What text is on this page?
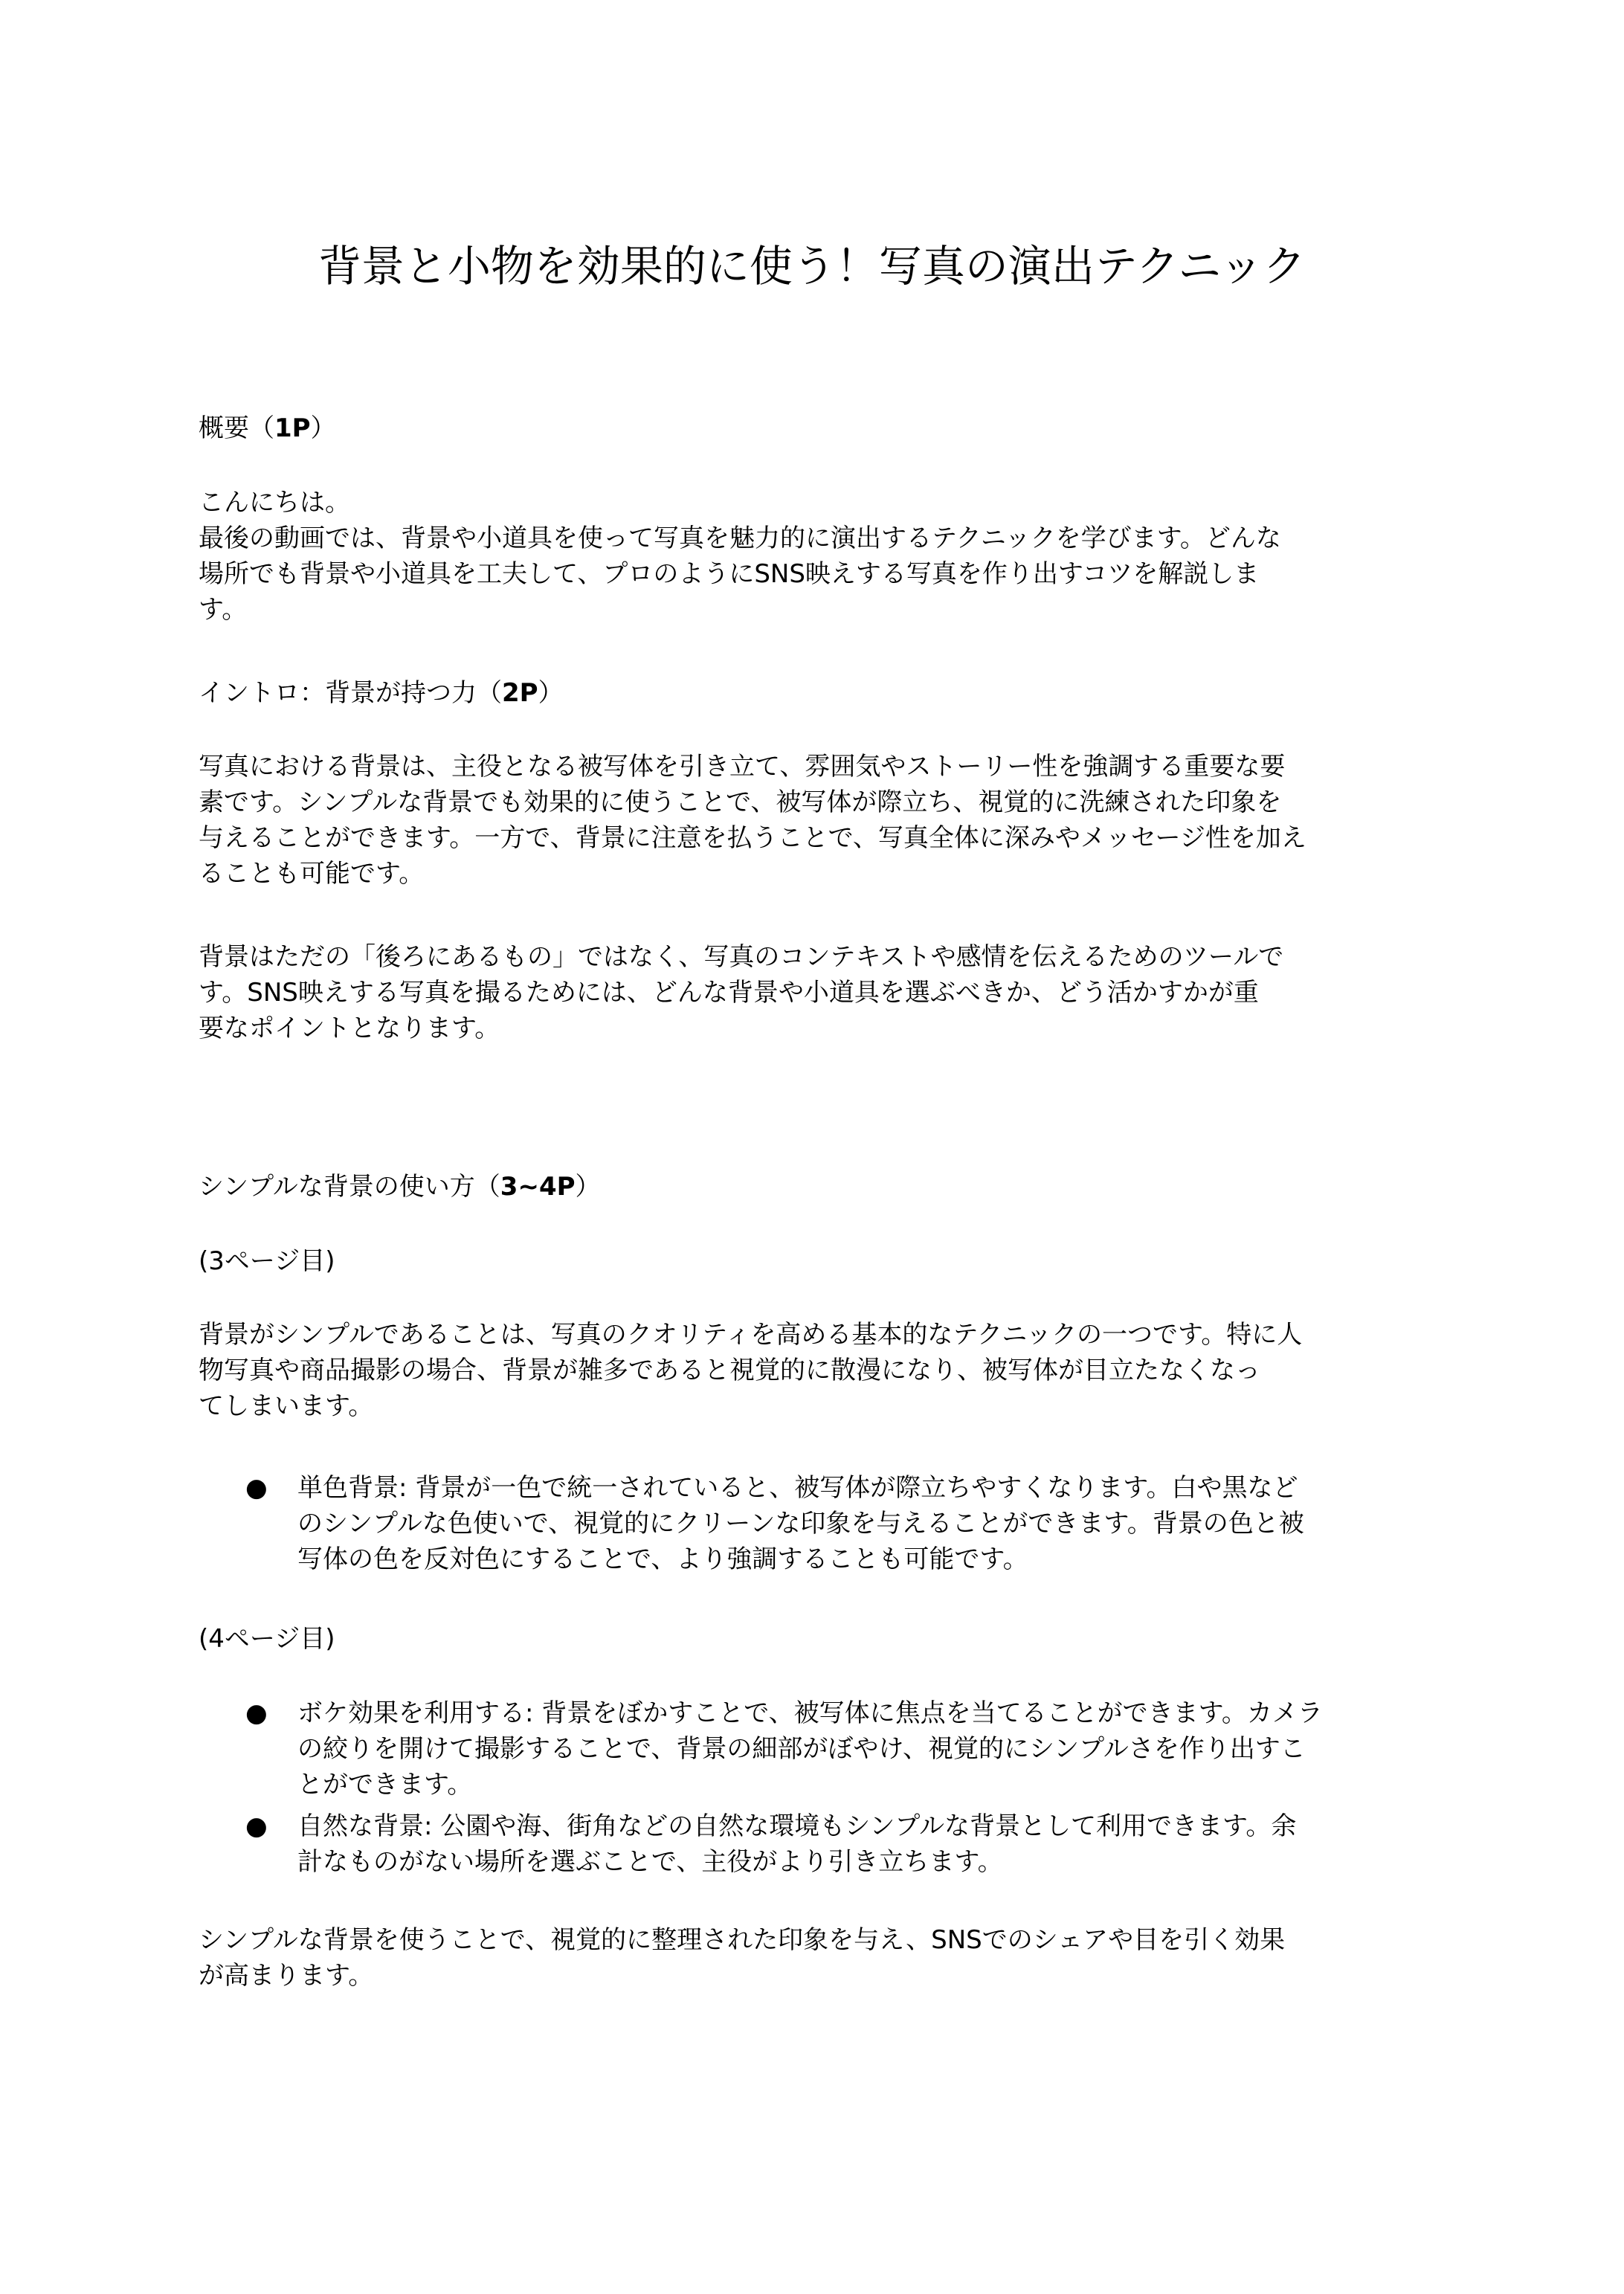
背景と小物を効果的に使う！写真の演出テクニック
概要（1P）
こんにちは。
最後の動画では、背景や小道具を使って写真を魅力的に演出するテクニックを学びます。どんな
場所でも背景や小道具を工夫して、プロのようにSNS映えする写真を作り出すコツを解説しま
す。
イントロ：背景が持つ力（2P）
写真における背景は、主役となる被写体を引き立て、雰囲気やストーリー性を強調する重要な要
素です。シンプルな背景でも効果的に使うことで、被写体が際立ち、視覚的に洗練された印象を
与えることができます。一方で、背景に注意を払うことで、写真全体に深みやメッセージ性を加え
ることも可能です。
背景はただの「後ろにあるもの」ではなく、写真のコンテキストや感情を伝えるためのツールで
す。SNS映えする写真を撮るためには、どんな背景や小道具を選ぶべきか、どう活かすかが重
要なポイントとなります。
シンプルな背景の使い方（3~4P）
(3ページ目)
背景がシンプルであることは、写真のクオリティを高める基本的なテクニックの一つです。特に人
物写真や商品撮影の場合、背景が雑多であると視覚的に散漫になり、被写体が目立たなくなっ
てしまいます。
●	単色背景: 背景が一色で統一されていると、被写体が際立ちやすくなります。白や黒など
のシンプルな色使いで、視覚的にクリーンな印象を与えることができます。背景の色と被
写体の色を反対色にすることで、より強調することも可能です。
(4ページ目)
●	ボケ効果を利用する: 背景をぼかすことで、被写体に焦点を当てることができます。カメラ
の絞りを開けて撮影することで、背景の細部がぼやけ、視覚的にシンプルさを作り出すこ
とができます。
●	自然な背景: 公園や海、街角などの自然な環境もシンプルな背景として利用できます。余
計なものがない場所を選ぶことで、主役がより引き立ちます。
シンプルな背景を使うことで、視覚的に整理された印象を与え、SNSでのシェアや目を引く効果
が高まります。
